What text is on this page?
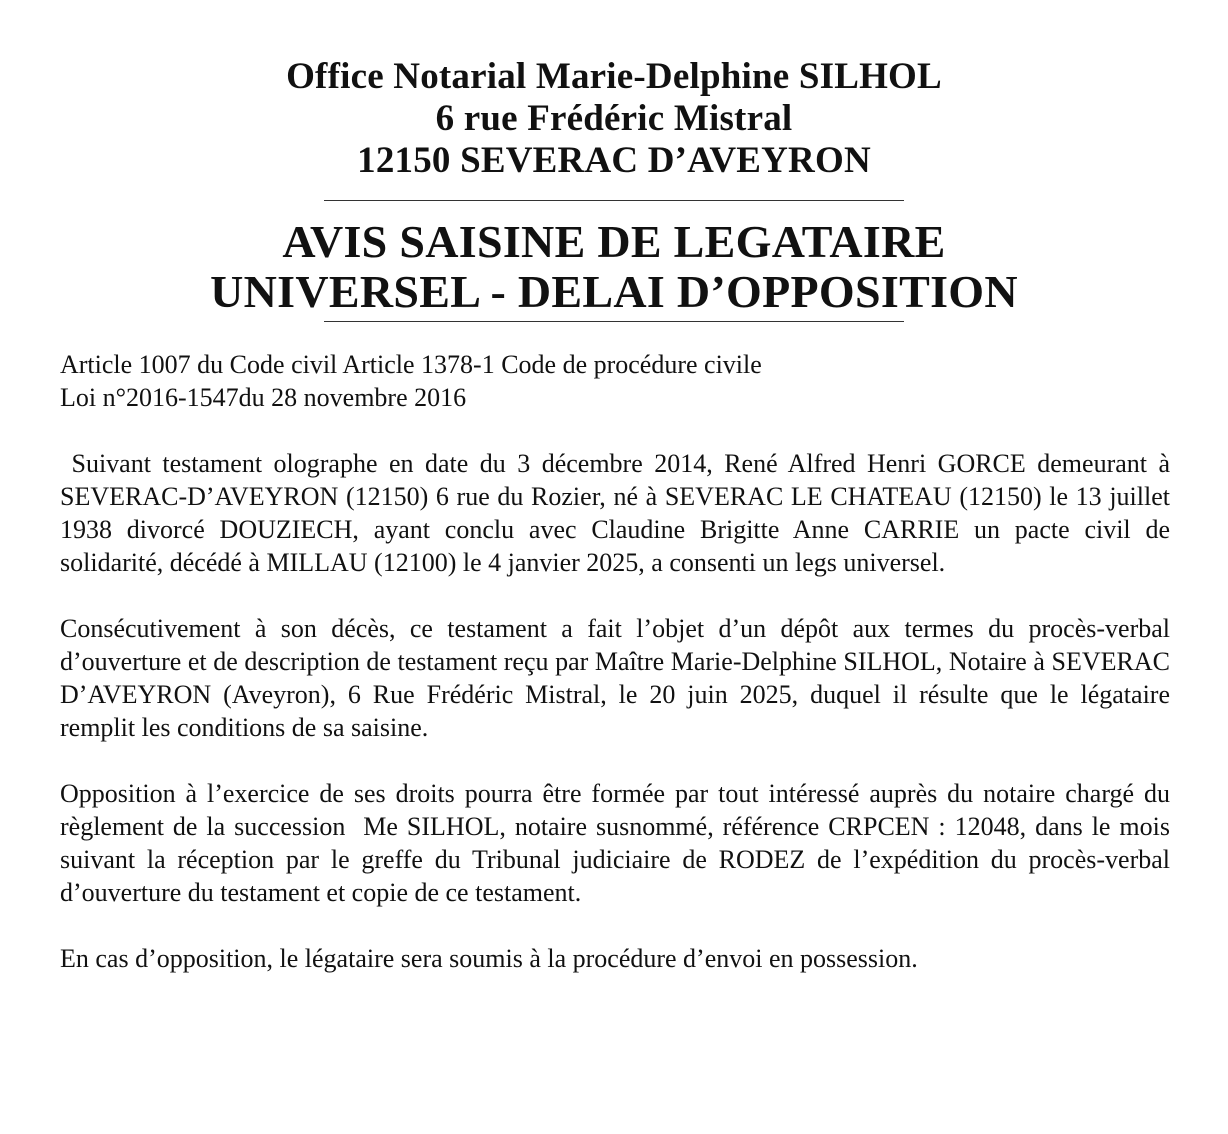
Office Notarial Marie-Delphine SILHOL
6 rue Frédéric Mistral
12150 SEVERAC D’AVEYRON
AVIS SAISINE DE LEGATAIRE
UNIVERSEL - DELAI D’OPPOSITION
Article 1007 du Code civil Article 1378-1 Code de procédure civile
Loi n°2016-1547du 28 novembre 2016

Suivant testament olographe en date du 3 décembre 2014, René Alfred Henri GORCE demeurant à SEVERAC-D’AVEYRON (12150) 6 rue du Rozier, né à SEVERAC LE CHATEAU (12150) le 13 juillet 1938 divorcé DOUZIECH, ayant conclu avec Claudine Brigitte Anne CARRIE un pacte civil de solidarité, décédé à MILLAU (12100) le 4 janvier 2025, a consenti un legs universel.

Consécutivement à son décès, ce testament a fait l’objet d’un dépôt aux termes du procès-verbal d’ouverture et de description de testament reçu par Maître Marie-Delphine SILHOL, Notaire à SEVERAC D’AVEYRON (Aveyron), 6 Rue Frédéric Mistral, le 20 juin 2025, duquel il résulte que le légataire remplit les conditions de sa saisine.

Opposition à l’exercice de ses droits pourra être formée par tout intéressé auprès du notaire chargé du règlement de la succession  Me SILHOL, notaire susnommé, référence CRPCEN : 12048, dans le mois suivant la réception par le greffe du Tribunal judiciaire de RODEZ de l’expédition du procès-verbal d’ouverture du testament et copie de ce testament.

En cas d’opposition, le légataire sera soumis à la procédure d’envoi en possession.
